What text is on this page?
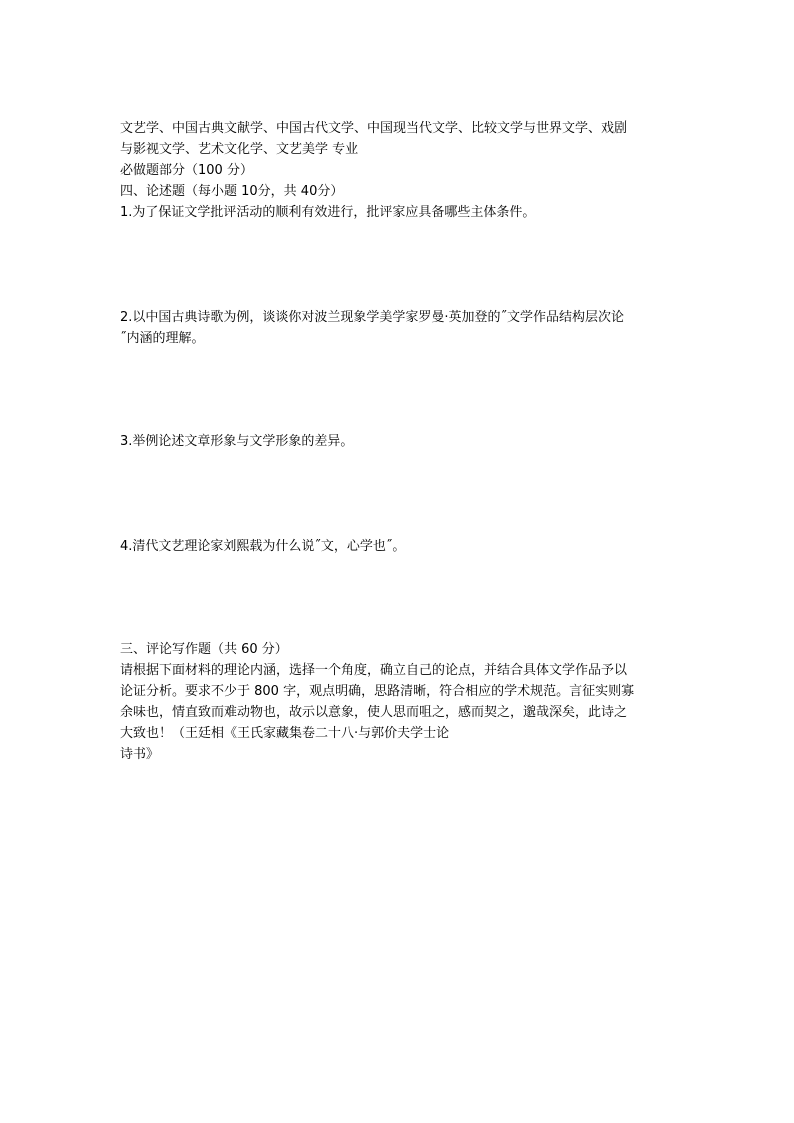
文艺学、中国古典文献学、中国古代文学、中国现当代文学、比较文学与世界文学、戏剧
与影视文学、艺术文化学、文艺美学 专业
必做题部分（100 分）
四、论述题（每小题 10分，共 40分）
1.为了保证文学批评活动的顺利有效进行，批评家应具备哪些主体条件。
2.以中国古典诗歌为例，谈谈你对波兰现象学美学家罗曼·英加登的˝文学作品结构层次论
˝内涵的理解。
3.举例论述文章形象与文学形象的差异。
4.清代文艺理论家刘熙载为什么说˝文，心学也˝。
三、评论写作题（共 60 分）
请根据下面材料的理论内涵，选择一个角度，确立自己的论点，并结合具体文学作品予以
论证分析。要求不少于 800 字，观点明确，思路清晰，符合相应的学术规范。言征实则寡
余味也，情直致而难动物也，故示以意象，使人思而咀之，感而契之，邈哉深矣，此诗之
大致也！（王廷相《王氏家藏集卷二十八·与郭价夫学士论
诗书》
